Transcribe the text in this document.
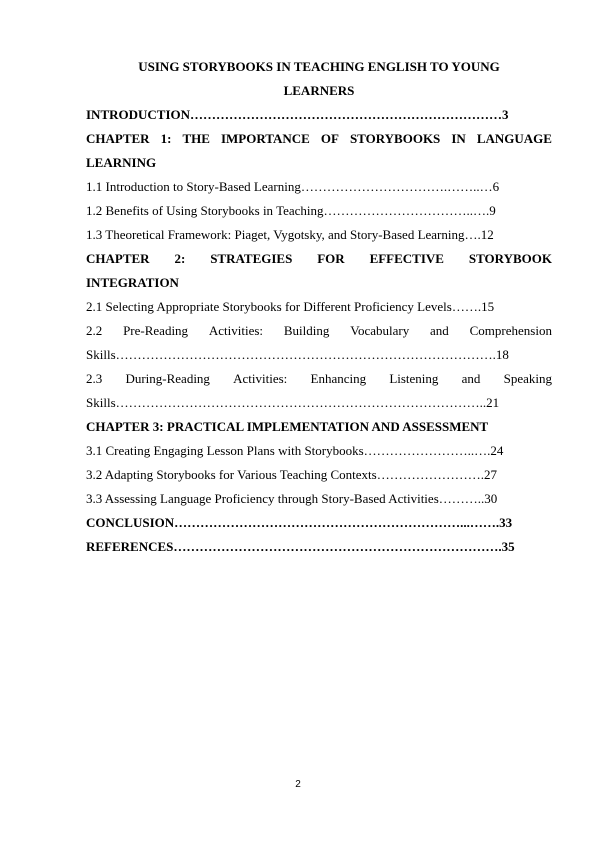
USING STORYBOOKS IN TEACHING ENGLISH TO YOUNG

LEARNERS

INTRODUCTION………………………………………………………………3

CHAPTER 1: THE IMPORTANCE OF STORYBOOKS IN LANGUAGE

LEARNING

1.1 Introduction to Story-Based Learning…………………………….……..…6

1.2 Benefits of Using Storybooks in Teaching……………………………..….9

1.3 Theoretical Framework: Piaget, Vygotsky, and Story-Based Learning….12

CHAPTER 2: STRATEGIES FOR EFFECTIVE STORYBOOK

INTEGRATION

2.1 Selecting Appropriate Storybooks for Different Proficiency Levels…….15

2.2 Pre-Reading Activities: Building Vocabulary and Comprehension

Skills…………………………………………………………………………….18

2.3 During-Reading Activities: Enhancing Listening and Speaking

Skills…………………………………………………………………………..21

CHAPTER 3: PRACTICAL IMPLEMENTATION AND ASSESSMENT

3.1 Creating Engaging Lesson Plans with Storybooks……………………..….24

3.2 Adapting Storybooks for Various Teaching Contexts…………………….27

3.3 Assessing Language Proficiency through Story-Based Activities………..30

CONCLUSION…………………………………………………………...…….33

REFERENCES………………………………………………………………….35

2
